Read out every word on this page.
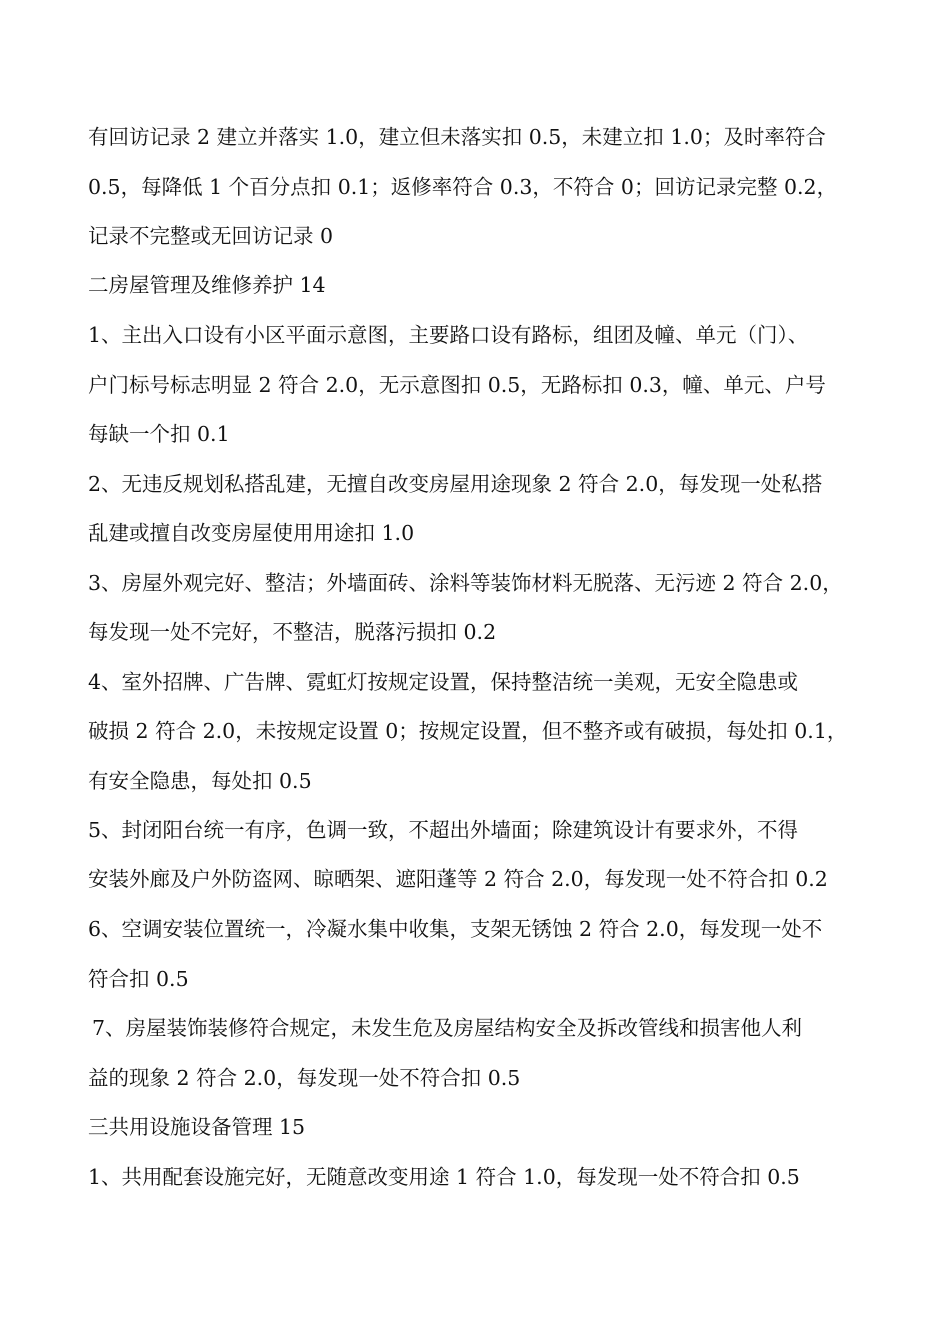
有回访记录 2 建立并落实 1.0，建立但未落实扣 0.5，未建立扣 1.0；及时率符合
0.5，每降低 1 个百分点扣 0.1；返修率符合 0.3，不符合 0；回访记录完整 0.2，
记录不完整或无回访记录 0
二房屋管理及维修养护 14
1、主出入口设有小区平面示意图，主要路口设有路标，组团及幢、单元（门）、
户门标号标志明显 2 符合 2.0，无示意图扣 0.5，无路标扣 0.3，幢、单元、户号
每缺一个扣 0.1
2、无违反规划私搭乱建，无擅自改变房屋用途现象 2 符合 2.0，每发现一处私搭
乱建或擅自改变房屋使用用途扣 1.0
3、房屋外观完好、整洁；外墙面砖、涂料等装饰材料无脱落、无污迹 2 符合 2.0，
每发现一处不完好，不整洁，脱落污损扣 0.2
4、室外招牌、广告牌、霓虹灯按规定设置，保持整洁统一美观，无安全隐患或
破损 2 符合 2.0，未按规定设置 0；按规定设置，但不整齐或有破损，每处扣 0.1，
有安全隐患，每处扣 0.5
5、封闭阳台统一有序，色调一致，不超出外墙面；除建筑设计有要求外，不得
安装外廊及户外防盗网、晾晒架、遮阳蓬等 2 符合 2.0，每发现一处不符合扣 0.2
6、空调安装位置统一，冷凝水集中收集，支架无锈蚀 2 符合 2.0，每发现一处不
符合扣 0.5
7、房屋装饰装修符合规定，未发生危及房屋结构安全及拆改管线和损害他人利
益的现象 2 符合 2.0，每发现一处不符合扣 0.5
三共用设施设备管理 15
1、共用配套设施完好，无随意改变用途 1 符合 1.0，每发现一处不符合扣 0.5
